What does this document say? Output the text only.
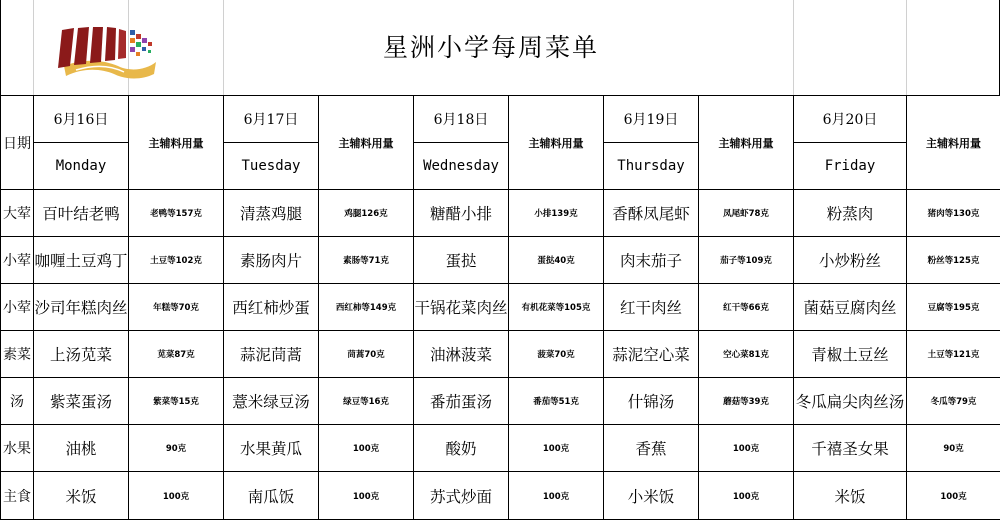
星洲小学每周菜单
日期	6月16日	主辅料用量	6月17日	主辅料用量	6月18日	主辅料用量	6月19日	主辅料用量	6月20日	主辅料用量
	Monday		Tuesday		Wednesday		Thursday		Friday	
大荤	百叶结老鸭	老鸭等157克	清蒸鸡腿	鸡腿126克	糖醋小排	小排139克	香酥凤尾虾	凤尾虾78克	粉蒸肉	猪肉等130克
小荤	咖喱土豆鸡丁	土豆等102克	素肠肉片	素肠等71克	蛋挞	蛋挞40克	肉末茄子	茄子等109克	小炒粉丝	粉丝等125克
小荤	沙司年糕肉丝	年糕等70克	西红柿炒蛋	西红柿等149克	干锅花菜肉丝	有机花菜等105克	红干肉丝	红干等66克	菌菇豆腐肉丝	豆腐等195克
素菜	上汤苋菜	苋菜87克	蒜泥茼蒿	茼蒿70克	油淋菠菜	菠菜70克	蒜泥空心菜	空心菜81克	青椒土豆丝	土豆等121克
汤	紫菜蛋汤	紫菜等15克	薏米绿豆汤	绿豆等16克	番茄蛋汤	番茄等51克	什锦汤	蘑菇等39克	冬瓜扁尖肉丝汤	冬瓜等79克
水果	油桃	90克	水果黄瓜	100克	酸奶	100克	香蕉	100克	千禧圣女果	90克
主食	米饭	100克	南瓜饭	100克	苏式炒面	100克	小米饭	100克	米饭	100克
